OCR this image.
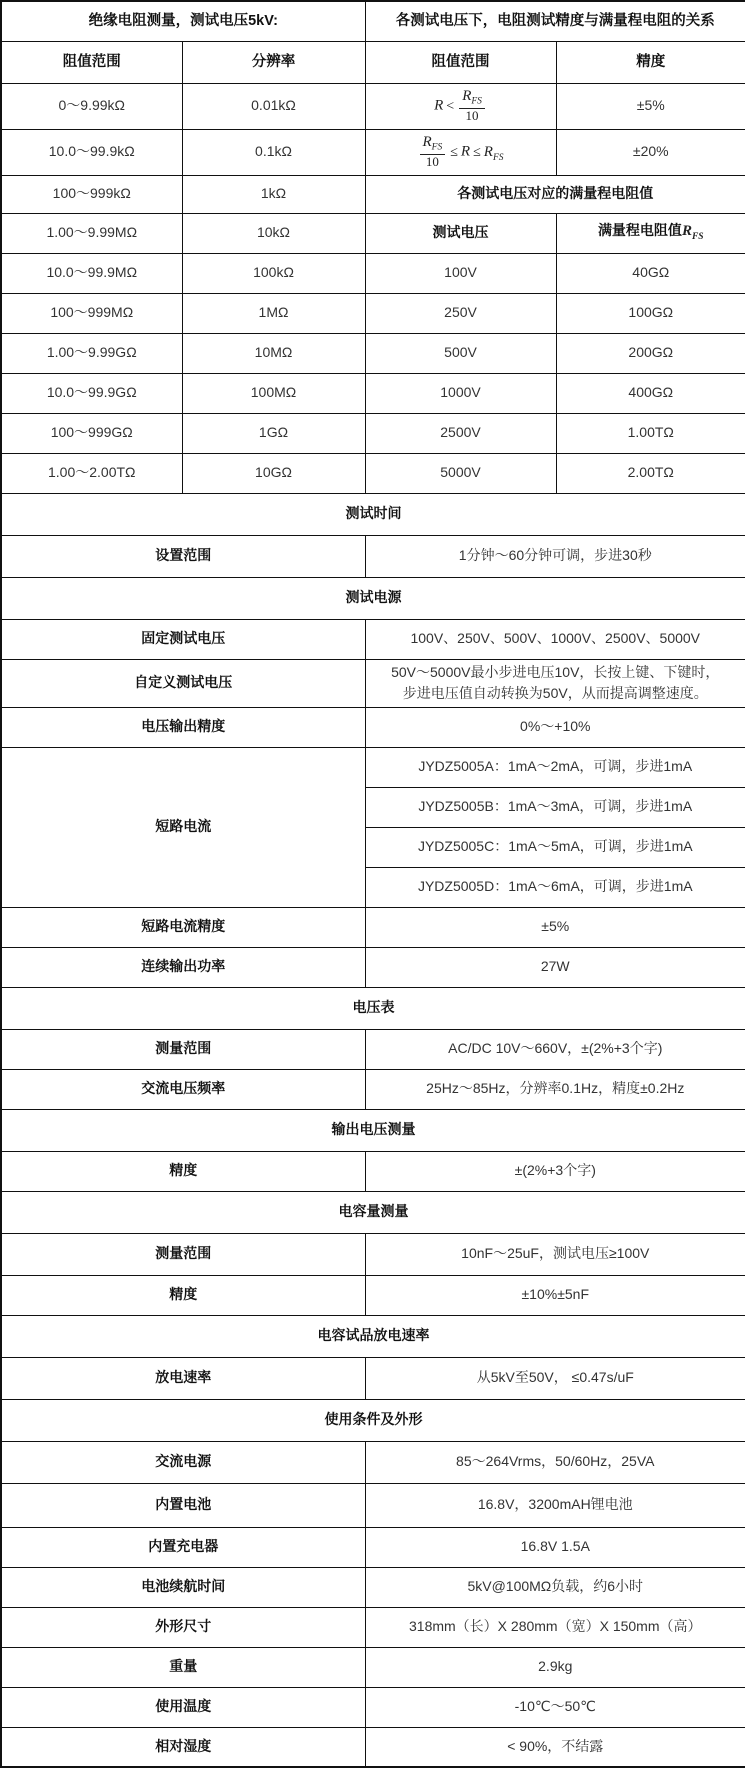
绝缘电阻测量，测试电压5kV:		各测试电压下，电阻测试精度与满量程电阻的关系	
阻值范围	分辨率	阻值范围	精度
0～9.99kΩ	0.01kΩ	$R < \frac{R_{FS}}{10}$	±5%
10.0～99.9kΩ	0.1kΩ	$\frac{R_{FS}}{10} \le R \le R_{FS}$	±20%
100～999kΩ	1kΩ	各测试电压对应的满量程电阻值	
1.00～9.99MΩ	10kΩ	测试电压	满量程电阻值$R_{FS}$
10.0～99.9MΩ	100kΩ	100V	40GΩ
100～999MΩ	1MΩ	250V	100GΩ
1.00～9.99GΩ	10MΩ	500V	200GΩ
10.0～99.9GΩ	100MΩ	1000V	400GΩ
100～999GΩ	1GΩ	2500V	1.00TΩ
1.00～2.00TΩ	10GΩ	5000V	2.00TΩ
测试时间			
设置范围		1分钟～60分钟可调，步进30秒	
测试电源			
固定测试电压		100V、250V、500V、1000V、2500V、5000V	
自定义测试电压		50V～5000V最小步进电压10V，长按上键、下键时，
步进电压值自动转换为50V，从而提高调整速度。	

电压输出精度		0%～+10%	
短路电流		JYDZ5005A：1mA～2mA，可调，步进1mA	
		JYDZ5005B：1mA～3mA，可调，步进1mA	
		JYDZ5005C：1mA～5mA，可调，步进1mA	
		JYDZ5005D：1mA～6mA，可调，步进1mA	
短路电流精度		±5%	
连续输出功率		27W	
电压表			
测量范围		AC/DC 10V～660V，±(2%+3个字)	
交流电压频率		25Hz～85Hz，分辨率0.1Hz，精度±0.2Hz	
输出电压测量			
精度		±(2%+3个字)	
电容量测量			
测量范围		10nF～25uF，测试电压≥100V	
精度		±10%±5nF	
电容试品放电速率			
放电速率		从5kV至50V， ≤0.47s/uF	
使用条件及外形			
交流电源		85～264Vrms，50/60Hz，25VA	
内置电池		16.8V，3200mAH锂电池	
内置充电器		16.8V 1.5A	
电池续航时间		5kV@100MΩ负载，约6小时	
外形尺寸		318mm（长）X 280mm（宽）X 150mm（高）	
重量		2.9kg	
使用温度		-10℃～50℃	
相对湿度		< 90%，不结露	
